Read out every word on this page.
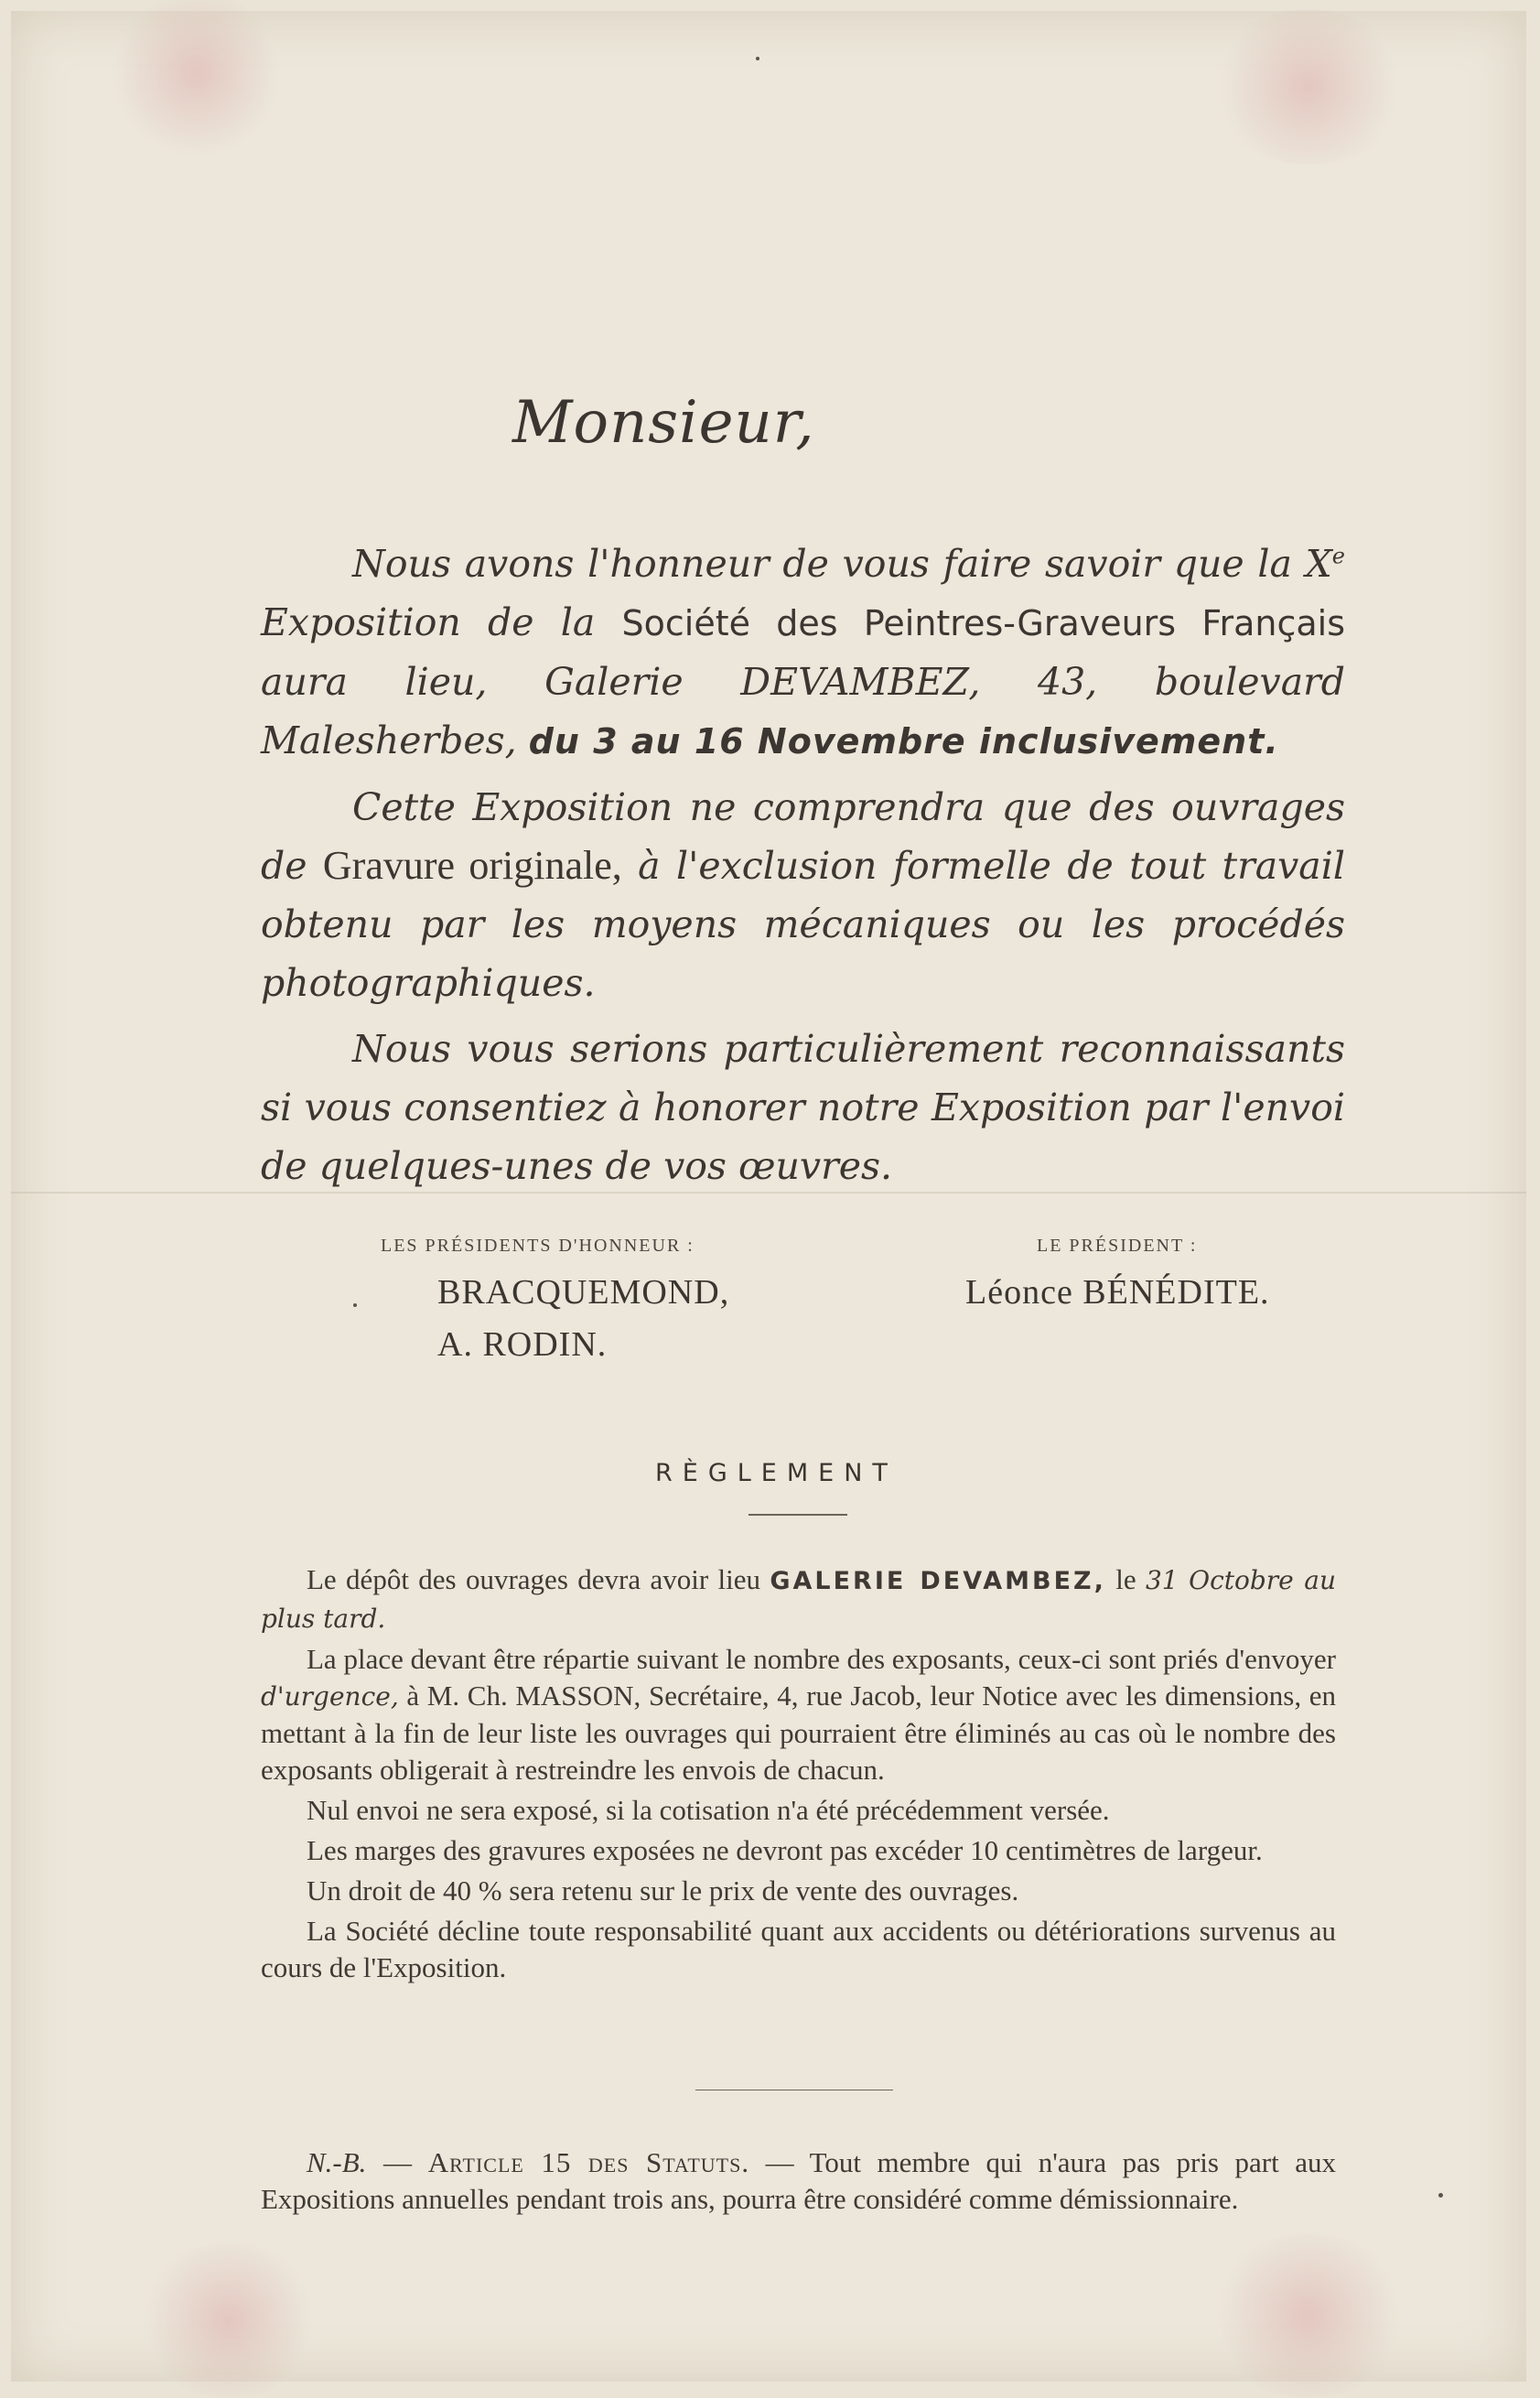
Monsieur,

Nous avons l'honneur de vous faire savoir que la Xe Exposition de la Société des Peintres-Graveurs Français aura lieu, Galerie DEVAMBEZ, 43, boulevard Malesherbes, du 3 au 16 Novembre inclusivement.

Cette Exposition ne comprendra que des ouvrages de Gravure originale, à l'exclusion formelle de tout travail obtenu par les moyens mécaniques ou les procédés photographiques.

Nous vous serions particulièrement reconnaissants si vous consentiez à honorer notre Exposition par l'envoi de quelques-unes de vos œuvres.

LES PRÉSIDENTS D'HONNEUR :
BRACQUEMOND,
A. RODIN.
LE PRÉSIDENT :
Léonce BÉNÉDITE.
RÈGLEMENT

Le dépôt des ouvrages devra avoir lieu GALERIE DEVAMBEZ, le 31 Octobre au plus tard.

La place devant être répartie suivant le nombre des exposants, ceux-ci sont priés d'envoyer d'urgence, à M. Ch. MASSON, Secrétaire, 4, rue Jacob, leur Notice avec les dimensions, en mettant à la fin de leur liste les ouvrages qui pourraient être éliminés au cas où le nombre des exposants obligerait à restreindre les envois de chacun.

Nul envoi ne sera exposé, si la cotisation n'a été précédemment versée.

Les marges des gravures exposées ne devront pas excéder 10 centimètres de largeur.

Un droit de 40 % sera retenu sur le prix de vente des ouvrages.

La Société décline toute responsabilité quant aux accidents ou détériorations survenus au cours de l'Exposition.

N.-B. — Article 15 des Statuts. — Tout membre qui n'aura pas pris part aux Expositions annuelles pendant trois ans, pourra être considéré comme démissionnaire.
